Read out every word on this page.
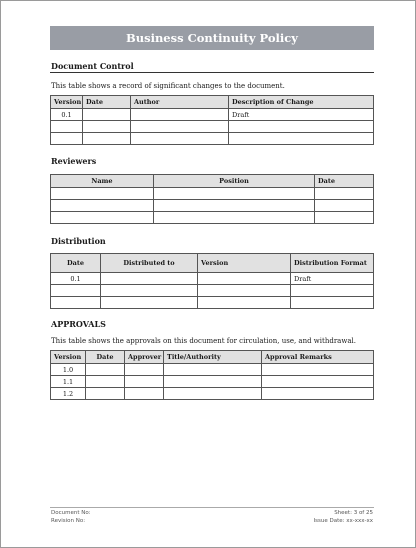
Business Continuity Policy
Document Control
This table shows a record of significant changes to the document.
Version	Date	Author	Description of Change
0.1			Draft

Reviewers
Name	Position	Date

Distribution
Date	Distributed to	Version	Distribution Format
0.1			Draft

APPROVALS
This table shows the approvals on this document for circulation, use, and withdrawal.
Version	Date	Approver	Title/Authority	Approval Remarks
1.0				
1.1				
1.2				
Document No:
Revision No:
Sheet: 3 of 25
Issue Date: xx-xxx-xx
